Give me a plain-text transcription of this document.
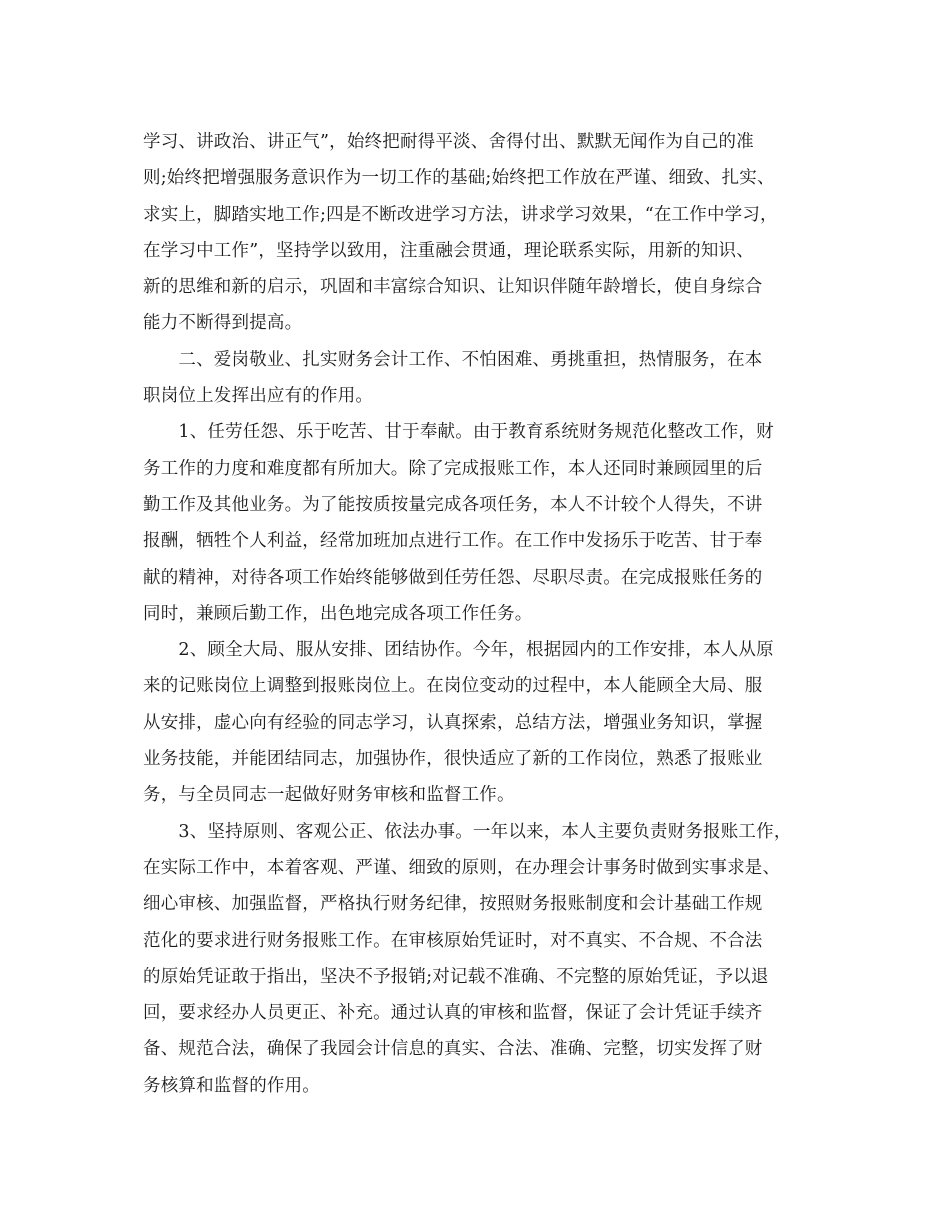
学习、讲政治、讲正气”，始终把耐得平淡、舍得付出、默默无闻作为自己的准
则;始终把增强服务意识作为一切工作的基础;始终把工作放在严谨、细致、扎实、
求实上，脚踏实地工作;四是不断改进学习方法，讲求学习效果，“在工作中学习，
在学习中工作”，坚持学以致用，注重融会贯通，理论联系实际，用新的知识、
新的思维和新的启示，巩固和丰富综合知识、让知识伴随年龄增长，使自身综合
能力不断得到提高。
　　二、爱岗敬业、扎实财务会计工作、不怕困难、勇挑重担，热情服务，在本
职岗位上发挥出应有的作用。
　　1、任劳任怨、乐于吃苦、甘于奉献。由于教育系统财务规范化整改工作，财
务工作的力度和难度都有所加大。除了完成报账工作，本人还同时兼顾园里的后
勤工作及其他业务。为了能按质按量完成各项任务，本人不计较个人得失，不讲
报酬，牺牲个人利益，经常加班加点进行工作。在工作中发扬乐于吃苦、甘于奉
献的精神，对待各项工作始终能够做到任劳任怨、尽职尽责。在完成报账任务的
同时，兼顾后勤工作，出色地完成各项工作任务。
　　2、顾全大局、服从安排、团结协作。今年，根据园内的工作安排，本人从原
来的记账岗位上调整到报账岗位上。在岗位变动的过程中，本人能顾全大局、服
从安排，虚心向有经验的同志学习，认真探索，总结方法，增强业务知识，掌握
业务技能，并能团结同志，加强协作，很快适应了新的工作岗位，熟悉了报账业
务，与全员同志一起做好财务审核和监督工作。
　　3、坚持原则、客观公正、依法办事。一年以来，本人主要负责财务报账工作，
在实际工作中，本着客观、严谨、细致的原则，在办理会计事务时做到实事求是、
细心审核、加强监督，严格执行财务纪律，按照财务报账制度和会计基础工作规
范化的要求进行财务报账工作。在审核原始凭证时，对不真实、不合规、不合法
的原始凭证敢于指出，坚决不予报销;对记载不准确、不完整的原始凭证，予以退
回，要求经办人员更正、补充。通过认真的审核和监督，保证了会计凭证手续齐
备、规范合法，确保了我园会计信息的真实、合法、准确、完整，切实发挥了财
务核算和监督的作用。
